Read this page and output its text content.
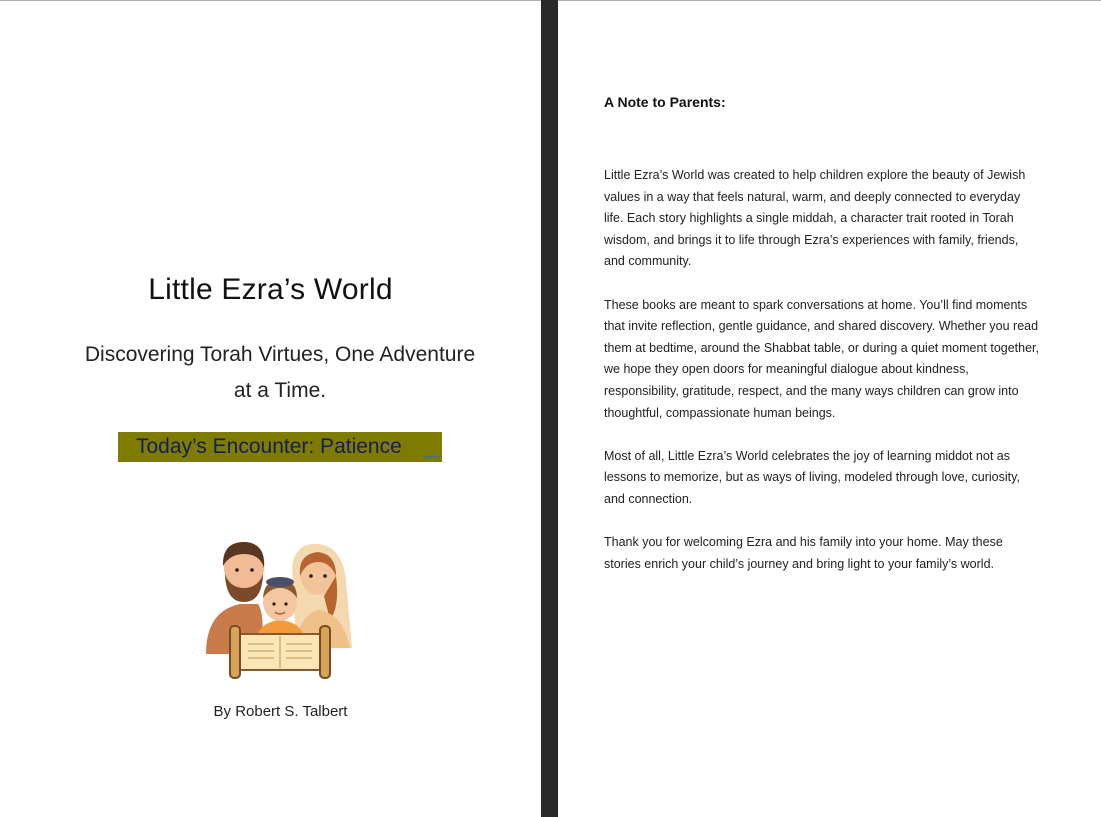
Little Ezra’s World
Discovering Torah Virtues, One Adventure
at a Time.
Today’s Encounter: Patience
By Robert S. Talbert
A Note to Parents:

Little Ezra’s World was created to help children explore the beauty of Jewish values in a way that feels natural, warm, and deeply connected to everyday life. Each story highlights a single middah, a character trait rooted in Torah wisdom, and brings it to life through Ezra’s experiences with family, friends, and community.

These books are meant to spark conversations at home. You’ll find moments that invite reflection, gentle guidance, and shared discovery. Whether you read them at bedtime, around the Shabbat table, or during a quiet moment together, we hope they open doors for meaningful dialogue about kindness, responsibility, gratitude, respect, and the many ways children can grow into thoughtful, compassionate human beings.

Most of all, Little Ezra’s World celebrates the joy of learning middot not as lessons to memorize, but as ways of living, modeled through love, curiosity, and connection.

Thank you for welcoming Ezra and his family into your home. May these stories enrich your child’s journey and bring light to your family’s world.
